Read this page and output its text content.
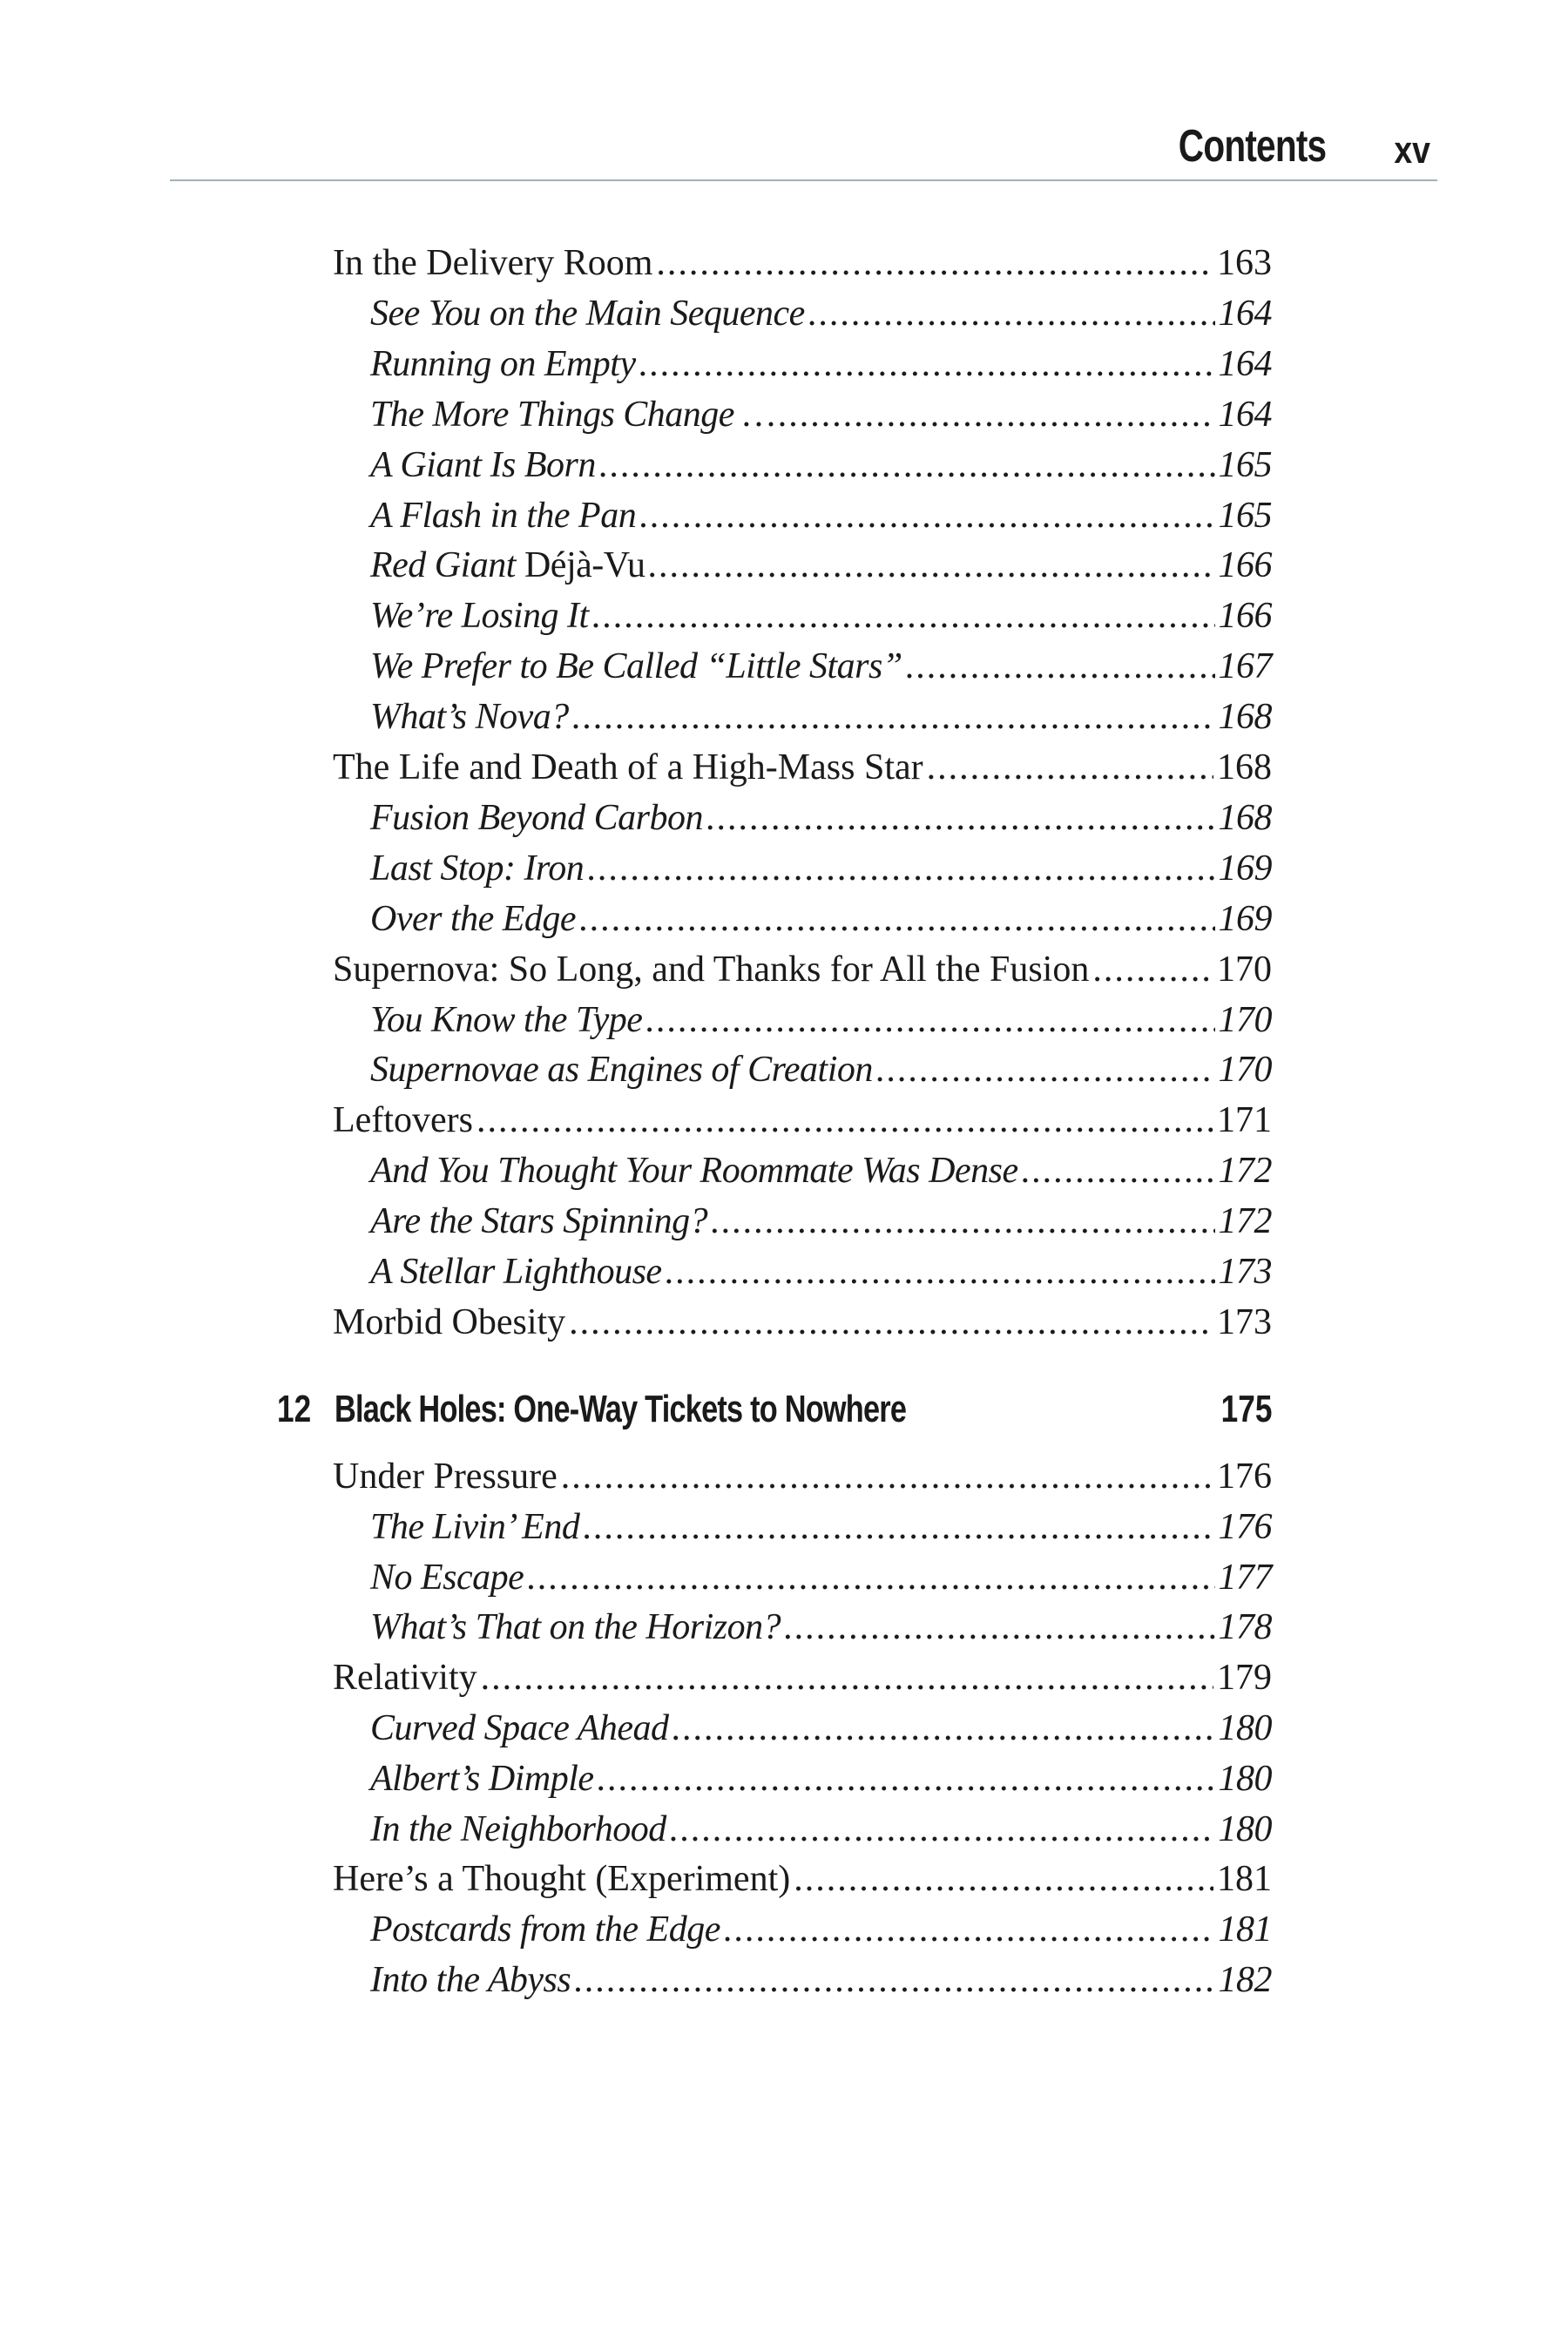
Contents xv
In the Delivery Room .....	163
See You on the Main Sequence .....	164
Running on Empty .....	164
The More Things Change … .....	164
A Giant Is Born .....	165
A Flash in the Pan .....	165
Red Giant Déjà-Vu .....	166
We’re Losing It .....	166
We Prefer to Be Called “Little Stars” .....	167
What’s Nova? .....	168
The Life and Death of a High-Mass Star .....	168
Fusion Beyond Carbon .....	168
Last Stop: Iron .....	169
Over the Edge .....	169
Supernova: So Long, and Thanks for All the Fusion .....	170
You Know the Type .....	170
Supernovae as Engines of Creation .....	170
Leftovers .....	171
And You Thought Your Roommate Was Dense .....	172
Are the Stars Spinning? .....	172
A Stellar Lighthouse .....	173
Morbid Obesity .....	173
12 Black Holes: One-Way Tickets to Nowhere	175
Under Pressure .....	176
The Livin’ End .....	176
No Escape .....	177
What’s That on the Horizon? .....	178
Relativity .....	179
Curved Space Ahead .....	180
Albert’s Dimple .....	180
In the Neighborhood .....	180
Here’s a Thought (Experiment) .....	181
Postcards from the Edge .....	181
Into the Abyss .....	182
